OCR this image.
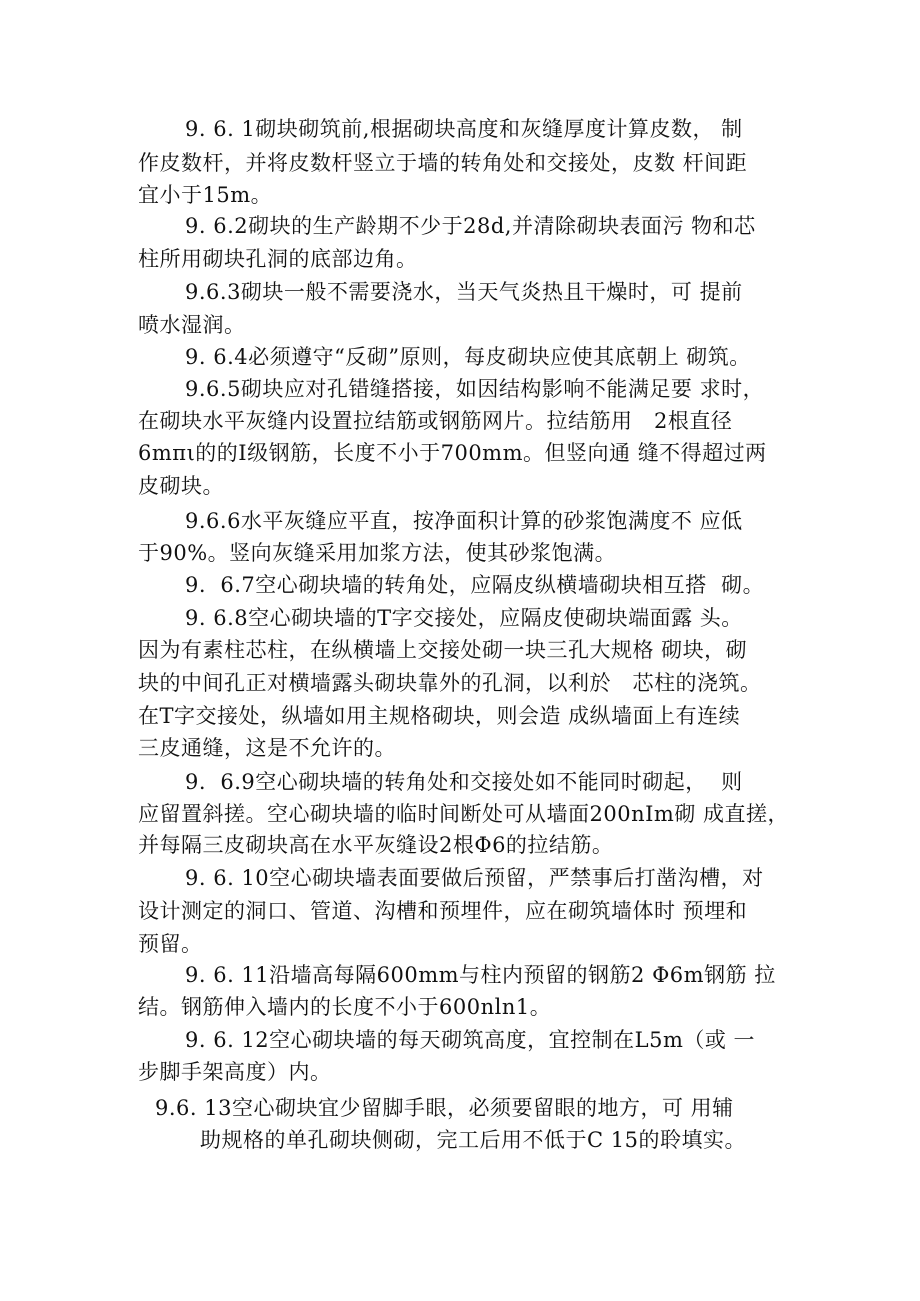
9. 6. 1砌块砌筑前,根据砌块高度和灰缝厚度计算皮数， 制
作皮数杆，并将皮数杆竖立于墙的转角处和交接处，皮数 杆间距
宜小于15m。
9. 6.2砌块的生产龄期不少于28d,并清除砌块表面污 物和芯
柱所用砌块孔洞的底部边角。
9.6.3砌块一般不需要浇水，当天气炎热且干燥时，可 提前
喷水湿润。
9. 6.4必须遵守“反砌”原则，每皮砌块应使其底朝上 砌筑。
9.6.5砌块应对孔错缝搭接，如因结构影响不能满足要 求时，
在砌块水平灰缝内设置拉结筋或钢筋网片。拉结筋用   2根直径
6mπι的的I级钢筋，长度不小于700mm。但竖向通 缝不得超过两
皮砌块。
9.6.6水平灰缝应平直，按净面积计算的砂浆饱满度不 应低
于90%。竖向灰缝采用加浆方法，使其砂浆饱满。
9.  6.7空心砌块墙的转角处，应隔皮纵横墙砌块相互搭  砌。
9. 6.8空心砌块墙的T字交接处，应隔皮使砌块端面露 头。
因为有素柱芯柱，在纵横墙上交接处砌一块三孔大规格 砌块，砌
块的中间孔正对横墙露头砌块靠外的孔洞，以利於   芯柱的浇筑。
在T字交接处，纵墙如用主规格砌块，则会造 成纵墙面上有连续
三皮通缝，这是不允许的。
9.  6.9空心砌块墙的转角处和交接处如不能同时砌起，  则
应留置斜搓。空心砌块墙的临时间断处可从墙面200nIm砌 成直搓，
并每隔三皮砌块高在水平灰缝设2根Φ6的拉结筋。
9. 6. 10空心砌块墙表面要做后预留，严禁事后打凿沟槽，对
设计测定的洞口、管道、沟槽和预埋件，应在砌筑墙体时 预埋和
预留。
9. 6. 11沿墙高每隔600mm与柱内预留的钢筋2 Φ6m钢筋 拉
结。钢筋伸入墙内的长度不小于600nln1。
9. 6. 12空心砌块墙的每天砌筑高度，宜控制在L5m（或 一
步脚手架高度）内。
9.6. 13空心砌块宜少留脚手眼，必须要留眼的地方，可 用辅
助规格的单孔砌块侧砌，完工后用不低于C 15的聆填实。
